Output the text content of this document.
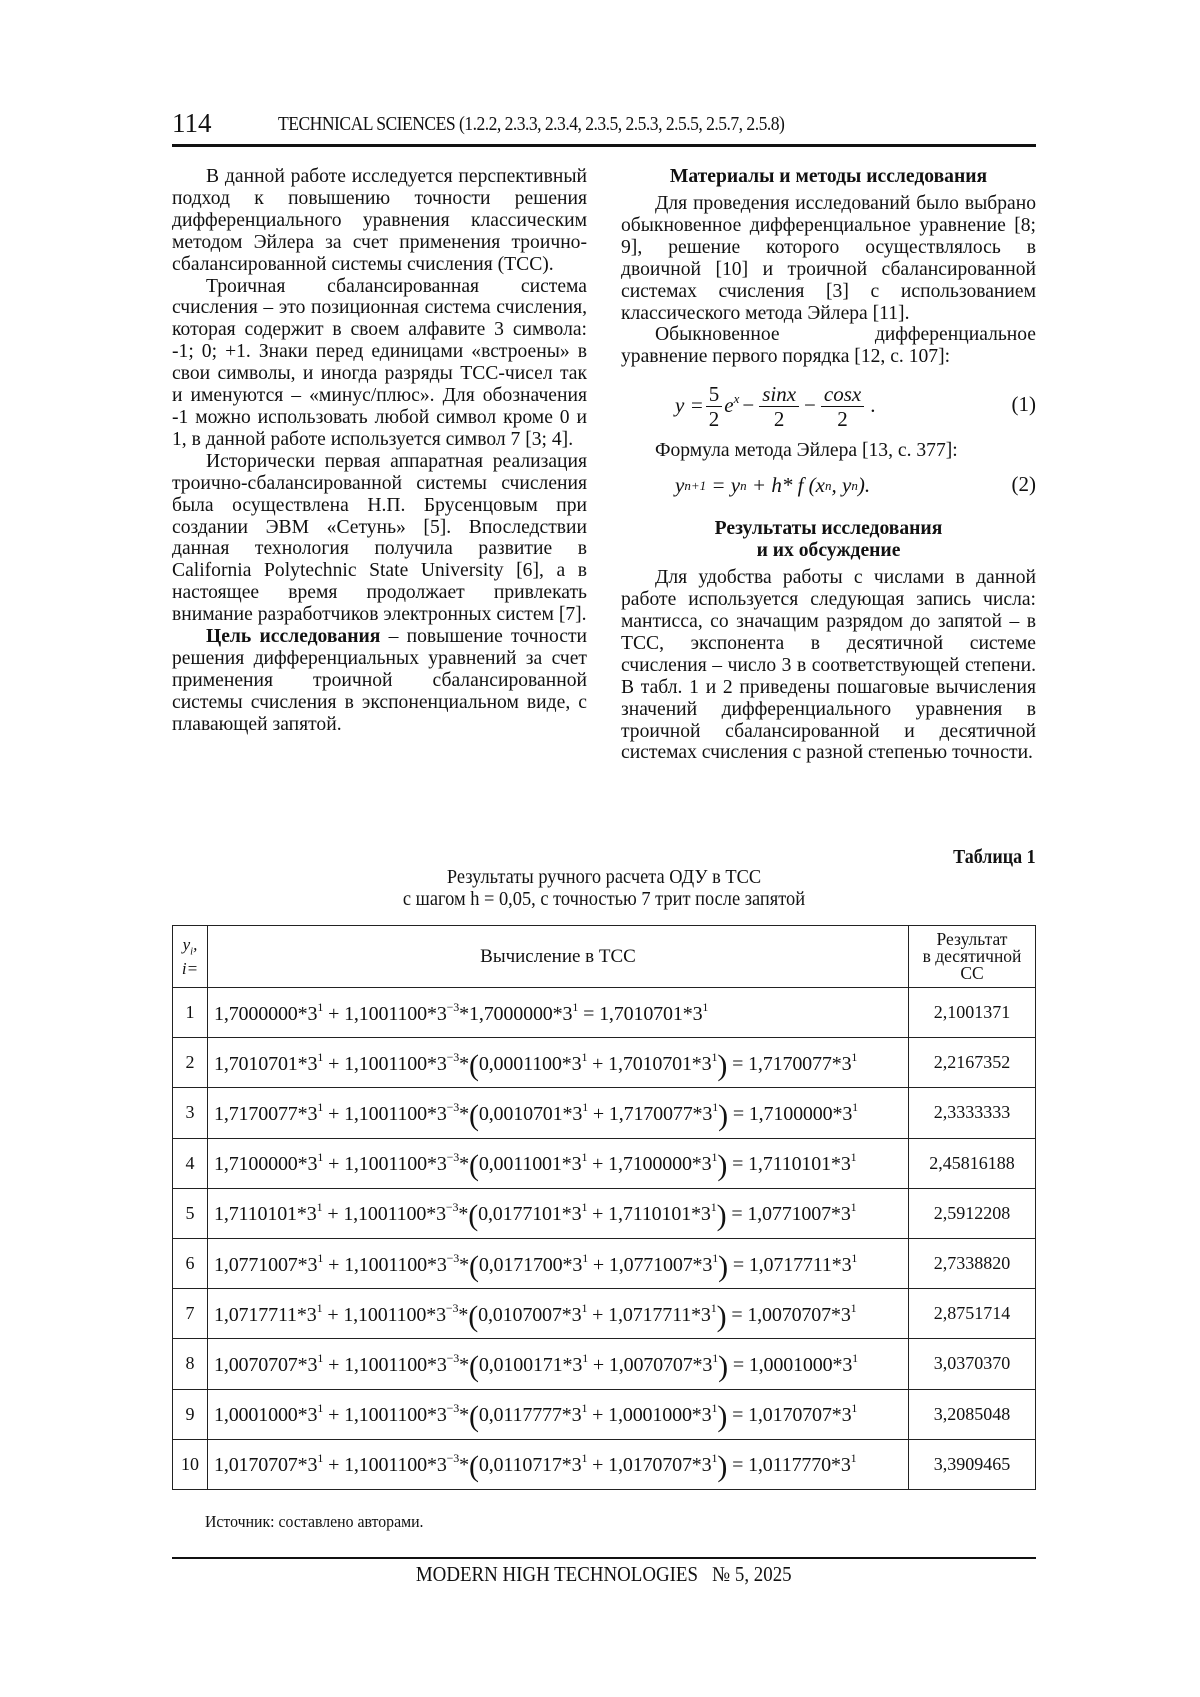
114	TECHNICAL SCIENCES (1.2.2, 2.3.3, 2.3.4, 2.3.5, 2.5.3, 2.5.5, 2.5.7, 2.5.8)

В данной работе исследуется перспективный подход к повышению точности решения дифференциального уравнения классическим методом Эйлера за счет применения троично-сбалансированной системы счисления (ТСС).

Троичная сбалансированная система счисления – это позиционная система счисления, которая содержит в своем алфавите 3 символа: -1; 0; +1. Знаки перед единицами «встроены» в свои символы, и иногда разряды ТСС-чисел так и именуются – «минус/плюс». Для обозначения -1 можно использовать любой символ кроме 0 и 1, в данной работе используется символ 7 [3; 4].

Исторически первая аппаратная реализация троично-сбалансированной системы счисления была осуществлена Н.П. Брусенцовым при создании ЭВМ «Сетунь» [5]. Впоследствии данная технология получила развитие в California Polytechnic State University [6], а в настоящее время продолжает привлекать внимание разработчиков электронных систем [7].

Цель исследования – повышение точности решения дифференциальных уравнений за счет применения троичной сбалансированной системы счисления в экспоненциальном виде, с плавающей запятой.

Материалы и методы исследования

Для проведения исследований было выбрано обыкновенное дифференциальное уравнение [8; 9], решение которого осуществлялось в двоичной [10] и троичной сбалансированной системах счисления [3] с использованием классического метода Эйлера [11].

Обыкновенное дифференциальное уравнение первого порядка [12, с. 107]:

$y = \frac{5}{2} e^x - \frac{\sin x}{2} - \frac{\cos x}{2}$ .	(1)

Формула метода Эйлера [13, с. 377]:

y n+1 = y n + h* f (x n , y n ).	(2)
Результаты исследования
и их обсуждение

Для удобства работы с числами в данной работе используется следующая запись числа: мантисса, со значащим разрядом до запятой – в ТСС, экспонента в десятичной системе счисления – число 3 в соответствующей степени. В табл. 1 и 2 приведены пошаговые вычисления значений дифференциального уравнения в троичной сбалансированной и десятичной системах счисления с разной степенью точности.

Таблица 1
Результаты ручного расчета ОДУ в ТСС
с шагом h = 0,05, с точностью 7 трит после запятой
$y_i$,
i=	Вычисление в ТСС	Результат
в десятичной
СС
1	$1,7000000*3^1 + 1,1001100*3^{-3}*1,7000000*3^1 = 1,7010701*3^1$	2,1001371
2	$1,7010701*3^1 + 1,1001100*3^{-3}*(0,0001100*3^1 + 1,7010701*3^1) = 1,7170077*3^1$	2,2167352
3	$1,7170077*3^1 + 1,1001100*3^{-3}*(0,0010701*3^1 + 1,7170077*3^1) = 1,7100000*3^1$	2,3333333
4	$1,7100000*3^1 + 1,1001100*3^{-3}*(0,0011001*3^1 + 1,7100000*3^1) = 1,7110101*3^1$	2,45816188
5	$1,7110101*3^1 + 1,1001100*3^{-3}*(0,0177101*3^1 + 1,7110101*3^1) = 1,0771007*3^1$	2,5912208
6	$1,0771007*3^1 + 1,1001100*3^{-3}*(0,0171700*3^1 + 1,0771007*3^1) = 1,0717711*3^1$	2,7338820
7	$1,0717711*3^1 + 1,1001100*3^{-3}*(0,0107007*3^1 + 1,0717711*3^1) = 1,0070707*3^1$	2,8751714
8	$1,0070707*3^1 + 1,1001100*3^{-3}*(0,0100171*3^1 + 1,0070707*3^1) = 1,0001000*3^1$	3,0370370
9	$1,0001000*3^1 + 1,1001100*3^{-3}*(0,0117777*3^1 + 1,0001000*3^1) = 1,0170707*3^1$	3,2085048
10	$1,0170707*3^1 + 1,1001100*3^{-3}*(0,0110717*3^1 + 1,0170707*3^1) = 1,0117770*3^1$	3,3909465
Источник: составлено авторами.
MODERN HIGH TECHNOLOGIES   № 5, 2025
